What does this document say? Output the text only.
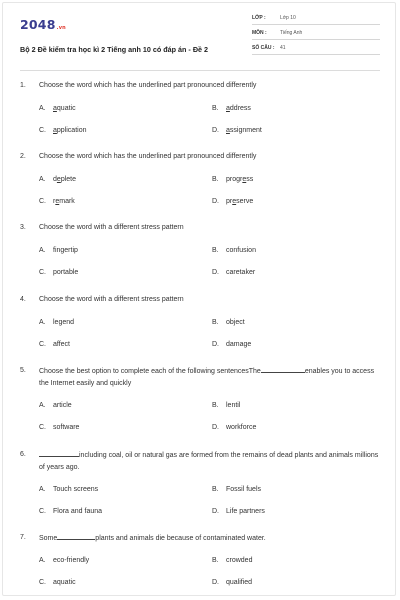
2048.vn
Bộ 2 Đề kiểm tra học kì 2 Tiếng anh 10 có đáp án - Đề 2
LỚP :	Lớp 10
MÔN :	Tiếng Anh
SỐ CÂU : 41
1.	Choose the word which has the underlined part pronounced differently
A. aquatic	B. address
C. application	D. assignment
2.	Choose the word which has the underlined part pronounced differently
A. deplete	B. progress
C. remark	D. preserve
3.	Choose the word with a different stress pattern
A. fingertip	B. confusion
C. portable	D. caretaker
4.	Choose the word with a different stress pattern
A. legend	B. object
C. affect	D. damage
5.	Choose the best option to complete each of the following sentencesThe	enables you to access the Internet easily and quickly
A. article	B. lentil
C. software	D. workforce
6.	including coal, oil or natural gas are formed from the remains of dead plants and animals millions of years ago.
A. Touch screens	B. Fossil fuels
C. Flora and fauna	D. Life partners
7.	Some	plants and animals die because of contaminated water.
A. eco-friendly	B. crowded
C. aquatic	D. qualified
